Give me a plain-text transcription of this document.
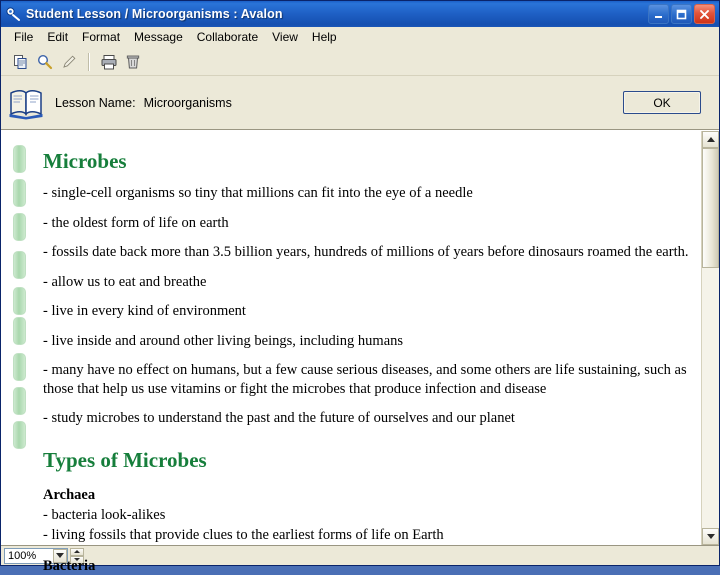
Student Lesson / Microorganisms : Avalon
File	Edit	Format	Message	Collaborate	View	Help
Lesson Name: Microorganisms	OK
Microbes
- single-cell organisms so tiny that millions can fit into the eye of a needle
- the oldest form of life on earth
- fossils date back more than 3.5 billion years, hundreds of millions of years before dinosaurs roamed the earth.
- allow us to eat and breathe
- live in every kind of environment
- live inside and around other living beings, including humans
- many have no effect on humans, but a few cause serious diseases, and some others are life sustaining, such as those that help us use vitamins or fight the microbes that produce infection and disease
- study microbes to understand the past and the future of ourselves and our planet
Types of Microbes
Archaea
- bacteria look-alikes
- living fossils that provide clues to the earliest forms of life on Earth
Bacteria
100%
